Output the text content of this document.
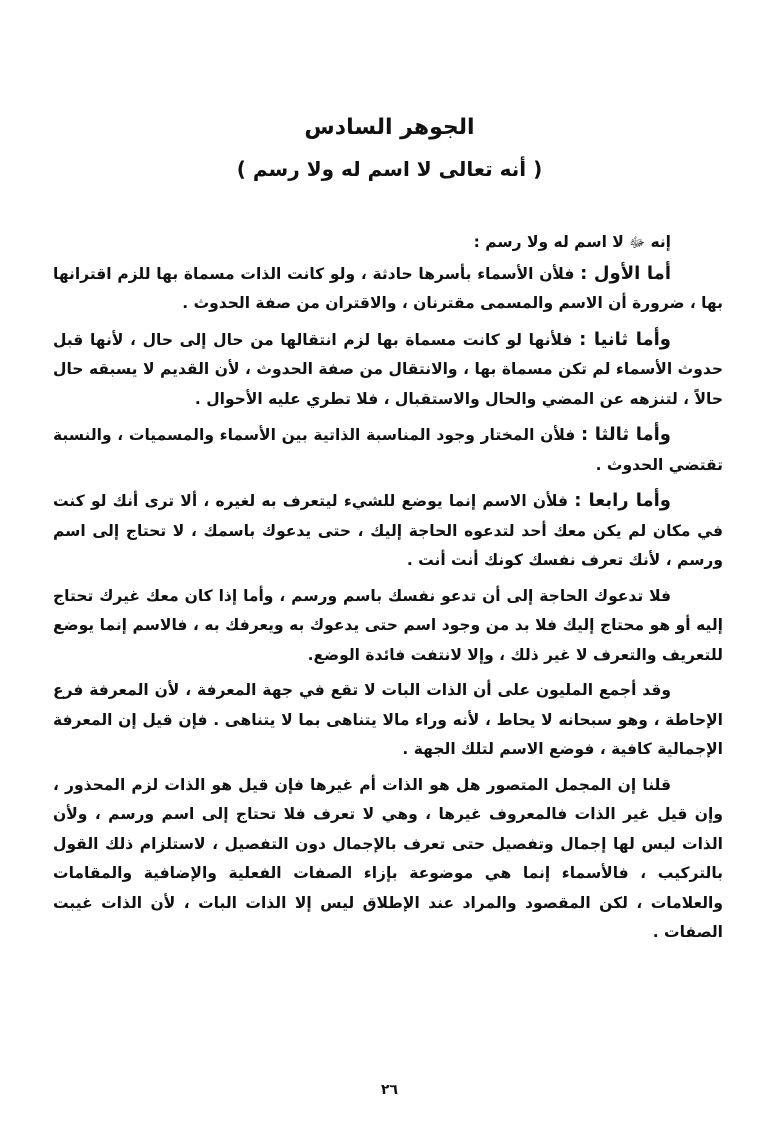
الجوهر السادس
( أنه تعالى لا اسم له ولا رسم )

إنه ﷻ لا اسم له ولا رسم :

أما الأول : فلأن الأسماء بأسرها حادثة ، ولو كانت الذات مسماة بها للزم اقترانها بها ، ضرورة أن الاسم والمسمى مقترنان ، والاقتران من صفة الحدوث .

وأما ثانيا : فلأنها لو كانت مسماة بها لزم انتقالها من حال إلى حال ، لأنها قبل حدوث الأسماء لم تكن مسماة بها ، والانتقال من صفة الحدوث ، لأن القديم لا يسبقه حال حالاً ، لتنزهه عن المضي والحال والاستقبال ، فلا تطري عليه الأحوال .

وأما ثالثا : فلأن المختار وجود المناسبة الذاتية بين الأسماء والمسميات ، والنسبة تقتضي الحدوث .

وأما رابعا : فلأن الاسم إنما يوضع للشيء ليتعرف به لغيره ، ألا ترى أنك لو كنت في مكان لم يكن معك أحد لتدعوه الحاجة إليك ، حتى يدعوك باسمك ، لا تحتاج إلى اسم ورسم ، لأنك تعرف نفسك كونك أنت أنت .

فلا تدعوك الحاجة إلى أن تدعو نفسك باسم ورسم ، وأما إذا كان معك غيرك تحتاج إليه أو هو محتاج إليك فلا بد من وجود اسم حتى يدعوك به ويعرفك به ، فالاسم إنما يوضع للتعريف والتعرف لا غير ذلك ، وإلا لانتفت فائدة الوضع.

وقد أجمع المليون على أن الذات البات لا تقع في جهة المعرفة ، لأن المعرفة فرع الإحاطة ، وهو سبحانه لا يحاط ، لأنه وراء مالا يتناهى بما لا يتناهى . فإن قيل إن المعرفة الإجمالية كافية ، فوضع الاسم لتلك الجهة .

قلنا إن المجمل المتصور هل هو الذات أم غيرها فإن قيل هو الذات لزم المحذور ، وإن قيل غير الذات فالمعروف غيرها ، وهي لا تعرف فلا تحتاج إلى اسم ورسم ، ولأن الذات ليس لها إجمال وتفصيل حتى تعرف بالإجمال دون التفصيل ، لاستلزام ذلك القول بالتركيب ، فالأسماء إنما هي موضوعة بإزاء الصفات الفعلية والإضافية والمقامات والعلامات ، لكن المقصود والمراد عند الإطلاق ليس إلا الذات البات ، لأن الذات غيبت الصفات .

٢٦
